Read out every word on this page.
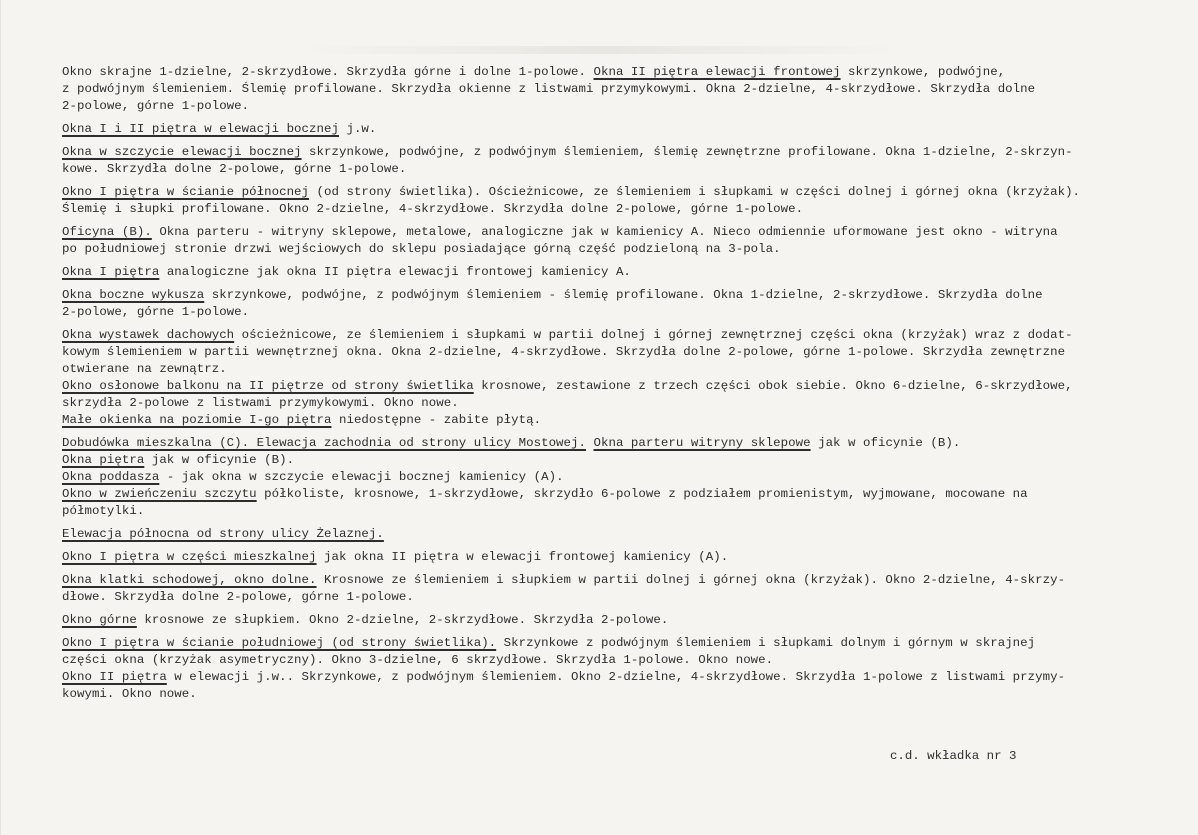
Okno skrajne 1-dzielne, 2-skrzydłowe. Skrzydła górne i dolne 1-polowe. Okna II piętra elewacji frontowej skrzynkowe, podwójne,
z podwójnym ślemieniem. Ślemię profilowane. Skrzydła okienne z listwami przymykowymi. Okna 2-dzielne, 4-skrzydłowe. Skrzydła dolne
2-polowe, górne 1-polowe.
Okna I i II piętra w elewacji bocznej j.w.
Okna w szczycie elewacji bocznej skrzynkowe, podwójne, z podwójnym ślemieniem, ślemię zewnętrzne profilowane. Okna 1-dzielne, 2-skrzyn-
kowe. Skrzydła dolne 2-polowe, górne 1-polowe.
Okno I piętra w ścianie północnej (od strony świetlika). Ościeżnicowe, ze ślemieniem i słupkami w części dolnej i górnej okna (krzyżak).
Ślemię i słupki profilowane. Okno 2-dzielne, 4-skrzydłowe. Skrzydła dolne 2-polowe, górne 1-polowe.
Oficyna (B). Okna parteru - witryny sklepowe, metalowe, analogiczne jak w kamienicy A. Nieco odmiennie uformowane jest okno - witryna
po południowej stronie drzwi wejściowych do sklepu posiadające górną część podzieloną na 3-pola.
Okna I piętra analogiczne jak okna II piętra elewacji frontowej kamienicy A.
Okna boczne wykusza skrzynkowe, podwójne, z podwójnym ślemieniem - ślemię profilowane. Okna 1-dzielne, 2-skrzydłowe. Skrzydła dolne
2-polowe, górne 1-polowe.
Okna wystawek dachowych ościeżnicowe, ze ślemieniem i słupkami w partii dolnej i górnej zewnętrznej części okna (krzyżak) wraz z dodat-
kowym ślemieniem w partii wewnętrznej okna. Okna 2-dzielne, 4-skrzydłowe. Skrzydła dolne 2-polowe, górne 1-polowe. Skrzydła zewnętrzne
otwierane na zewnątrz.
Okno osłonowe balkonu na II piętrze od strony świetlika krosnowe, zestawione z trzech części obok siebie. Okno 6-dzielne, 6-skrzydłowe,
skrzydła 2-polowe z listwami przymykowymi. Okno nowe.
Małe okienka na poziomie I-go piętra niedostępne - zabite płytą.
Dobudówka mieszkalna (C). Elewacja zachodnia od strony ulicy Mostowej. Okna parteru witryny sklepowe jak w oficynie (B).
Okna piętra jak w oficynie (B).
Okna poddasza - jak okna w szczycie elewacji bocznej kamienicy (A).
Okno w zwieńczeniu szczytu półkoliste, krosnowe, 1-skrzydłowe, skrzydło 6-polowe z podziałem promienistym, wyjmowane, mocowane na
półmotylki.
Elewacja północna od strony ulicy Żelaznej.
Okno I piętra w części mieszkalnej jak okna II piętra w elewacji frontowej kamienicy (A).
Okna klatki schodowej, okno dolne. Krosnowe ze ślemieniem i słupkiem w partii dolnej i górnej okna (krzyżak). Okno 2-dzielne, 4-skrzy-
dłowe. Skrzydła dolne 2-polowe, górne 1-polowe.
Okno górne krosnowe ze słupkiem. Okno 2-dzielne, 2-skrzydłowe. Skrzydła 2-polowe.
Okno I piętra w ścianie południowej (od strony świetlika). Skrzynkowe z podwójnym ślemieniem i słupkami dolnym i górnym w skrajnej
części okna (krzyżak asymetryczny). Okno 3-dzielne, 6 skrzydłowe. Skrzydła 1-polowe. Okno nowe.
Okno II piętra w elewacji j.w.. Skrzynkowe, z podwójnym ślemieniem. Okno 2-dzielne, 4-skrzydłowe. Skrzydła 1-polowe z listwami przymy-
kowymi. Okno nowe.
c.d. wkładka nr 3
